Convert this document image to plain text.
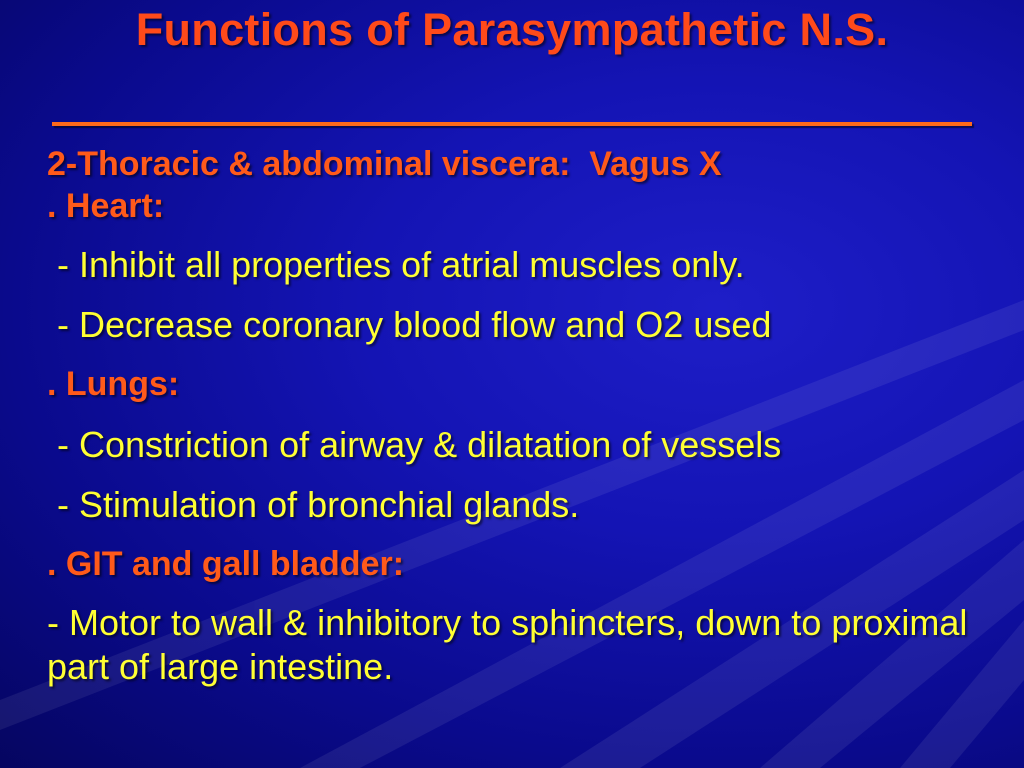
Functions of Parasympathetic N.S.

2-Thoracic & abdominal viscera:  Vagus X

. Heart:

- Inhibit all properties of atrial muscles only.

- Decrease coronary blood flow and O2 used

. Lungs:

- Constriction of airway & dilatation of vessels

- Stimulation of bronchial glands.

. GIT and gall bladder:

- Motor to wall & inhibitory to sphincters, down to proximal part of large intestine.
